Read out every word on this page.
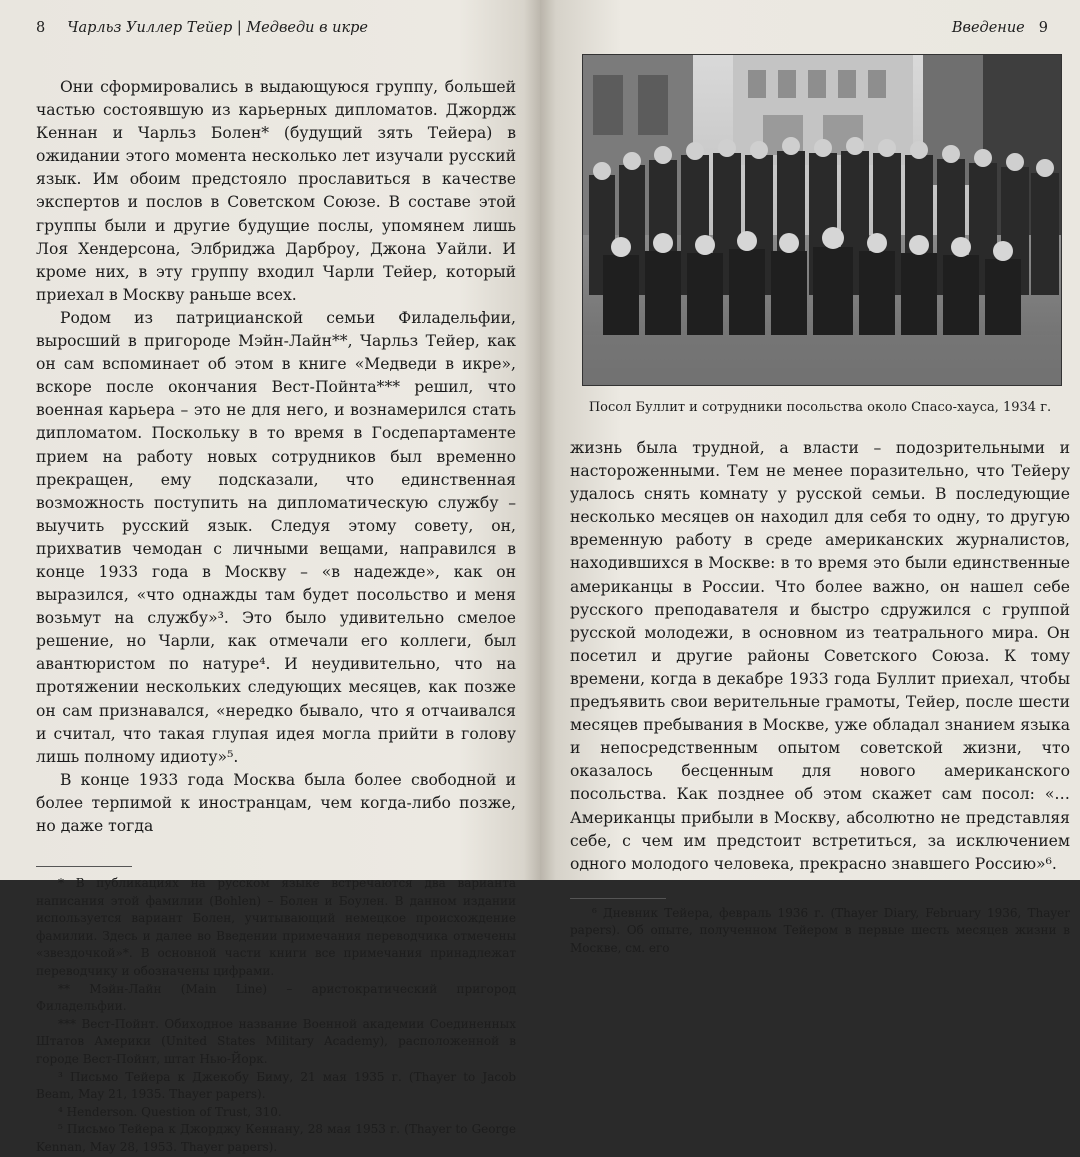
8 Чарльз Уиллер Тейер | Медведи в икре

Они сформировались в выдающуюся группу, большей частью состоявшую из карьерных дипломатов. Джордж Кеннан и Чарльз Болен* (будущий зять Тейера) в ожидании этого момента несколько лет изучали русский язык. Им обоим предстояло прославиться в качестве экспертов и послов в Советском Союзе. В составе этой группы были и другие будущие послы, упомянем лишь Лоя Хендерсона, Элбриджа Дарброу, Джона Уайли. И кроме них, в эту группу входил Чарли Тейер, который приехал в Москву раньше всех.

Родом из патрицианской семьи Филадельфии, выросший в пригороде Мэйн-Лайн**, Чарльз Тейер, как он сам вспоминает об этом в книге «Медведи в икре», вскоре после окончания Вест-Пойнта*** решил, что военная карьера – это не для него, и вознамерился стать дипломатом. Поскольку в то время в Госдепартаменте прием на работу новых сотрудников был временно прекращен, ему подсказали, что единственная возможность поступить на дипломатическую службу – выучить русский язык. Следуя этому совету, он, прихватив чемодан с личными вещами, направился в конце 1933 года в Москву – «в надежде», как он выразился, «что однажды там будет посольство и меня возьмут на службу»³. Это было удивительно смелое решение, но Чарли, как отмечали его коллеги, был авантюристом по натуре⁴. И неудивительно, что на протяжении нескольких следующих месяцев, как позже он сам признавался, «нередко бывало, что я отчаивался и считал, что такая глупая идея могла прийти в голову лишь полному идиоту»⁵.

В конце 1933 года Москва была более свободной и более терпимой к иностранцам, чем когда-либо позже, но даже тогда

* В публикациях на русском языке встречаются два варианта написания этой фамилии (Bohlen) – Болен и Боулен. В данном издании используется вариант Болен, учитывающий немецкое происхождение фамилии. Здесь и далее во Введении примечания переводчика отмечены «звездочкой»*. В основной части книги все примечания принадлежат переводчику и обозначены цифрами.

** Мэйн-Лайн (Main Line) – аристократический пригород Филадельфии.

*** Вест-Пойнт. Обиходное название Военной академии Соединенных Штатов Америки (United States Military Academy), расположенной в городе Вест-Пойнт, штат Нью-Йорк.

³ Письмо Тейера к Джекобу Биму, 21 мая 1935 г. (Thayer to Jacob Beam, May 21, 1935. Thayer papers).

⁴ Henderson. Question of Trust, 310.

⁵ Письмо Тейера к Джорджу Кеннану, 28 мая 1953 г. (Thayer to George Kennan, May 28, 1953. Thayer papers).

Введение 9
Посол Буллит и сотрудники посольства около Спасо-хауса, 1934 г.

жизнь была трудной, а власти – подозрительными и настороженными. Тем не менее поразительно, что Тейеру удалось снять комнату у русской семьи. В последующие несколько месяцев он находил для себя то одну, то другую временную работу в среде американских журналистов, находившихся в Москве: в то время это были единственные американцы в России. Что более важно, он нашел себе русского преподавателя и быстро сдружился с группой русской молодежи, в основном из театрального мира. Он посетил и другие районы Советского Союза. К тому времени, когда в декабре 1933 года Буллит приехал, чтобы предъявить свои верительные грамоты, Тейер, после шести месяцев пребывания в Москве, уже обладал знанием языка и непосредственным опытом советской жизни, что оказалось бесценным для нового американского посольства. Как позднее об этом скажет сам посол: «…Американцы прибыли в Москву, абсолютно не представляя себе, с чем им предстоит встретиться, за исключением одного молодого человека, прекрасно знавшего Россию»⁶.

⁶ Дневник Тейера, февраль 1936 г. (Thayer Diary, February 1936, Thayer papers). Об опыте, полученном Тейером в первые шесть месяцев жизни в Москве, см. его
